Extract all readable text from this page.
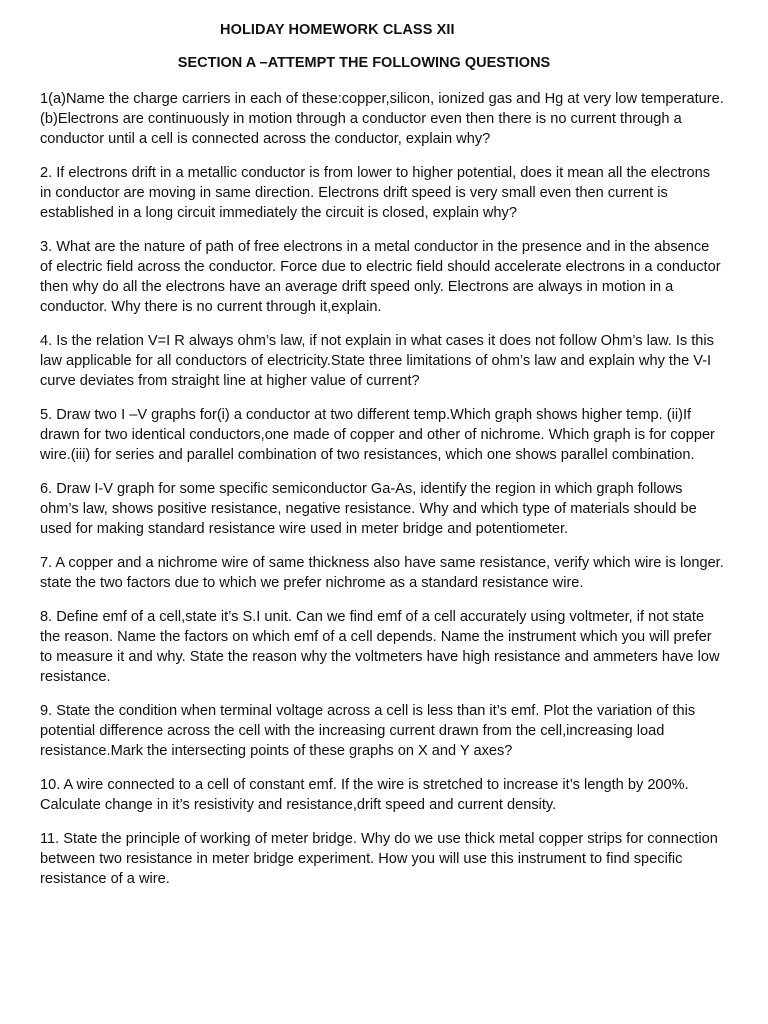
HOLIDAY HOMEWORK CLASS XII
SECTION A –ATTEMPT THE FOLLOWING QUESTIONS
1(a)Name the charge carriers in each of these:copper,silicon, ionized gas and Hg at very low temperature. (b)Electrons are continuously in motion through a conductor even then there is no current through a conductor until a cell is connected across the conductor, explain why?
2. If electrons drift in a metallic conductor is from lower to higher potential, does it mean all the electrons in conductor are moving in same direction. Electrons drift speed is very small even then current is established in a long circuit immediately the circuit is closed, explain why?
3. What are the nature of path of free electrons in a metal conductor in the presence and in the absence of electric field across the conductor. Force due to electric field should accelerate electrons in a conductor then why do all the electrons have an average drift speed only. Electrons are always in motion in a conductor. Why there is no current through it,explain.
4. Is the relation V=I R always ohm’s law, if not explain in what cases it does not follow Ohm’s law. Is this law applicable for all conductors of electricity.State three limitations of ohm’s law and explain why the V-I curve deviates from straight line at higher value of current?
5. Draw two I –V graphs for(i) a conductor at two different temp.Which graph shows higher temp. (ii)If drawn for two identical conductors,one made of copper and other of nichrome. Which graph is for copper wire.(iii) for series and parallel combination of two resistances, which one shows parallel combination.
6. Draw I-V graph for some specific semiconductor Ga-As, identify the region in which graph follows ohm’s law, shows positive resistance, negative resistance. Why and which type of materials should be used for making standard resistance wire used in meter bridge and potentiometer.
7. A copper and a nichrome wire of same thickness also have same resistance, verify which wire is longer. state the two factors due to which we prefer nichrome as a standard resistance wire.
8. Define emf of a cell,state it’s S.I unit. Can we find emf of a cell accurately using voltmeter, if not state the reason. Name the factors on which emf of a cell depends. Name the instrument which you will prefer to measure it and why. State the reason why the voltmeters have high resistance and ammeters have low resistance.
9. State the condition when terminal voltage across a cell is less than it’s emf. Plot the variation of this potential difference across the cell with the increasing current drawn from the cell,increasing load resistance.Mark the intersecting points of these graphs on X and Y axes?
10. A wire connected to a cell of constant emf. If the wire is stretched to increase it’s length by 200%. Calculate change in it’s resistivity and resistance,drift speed and current density.
11. State the principle of working of meter bridge. Why do we use thick metal copper strips for connection between two resistance in meter bridge experiment. How you will use this instrument to find specific resistance of a wire.
